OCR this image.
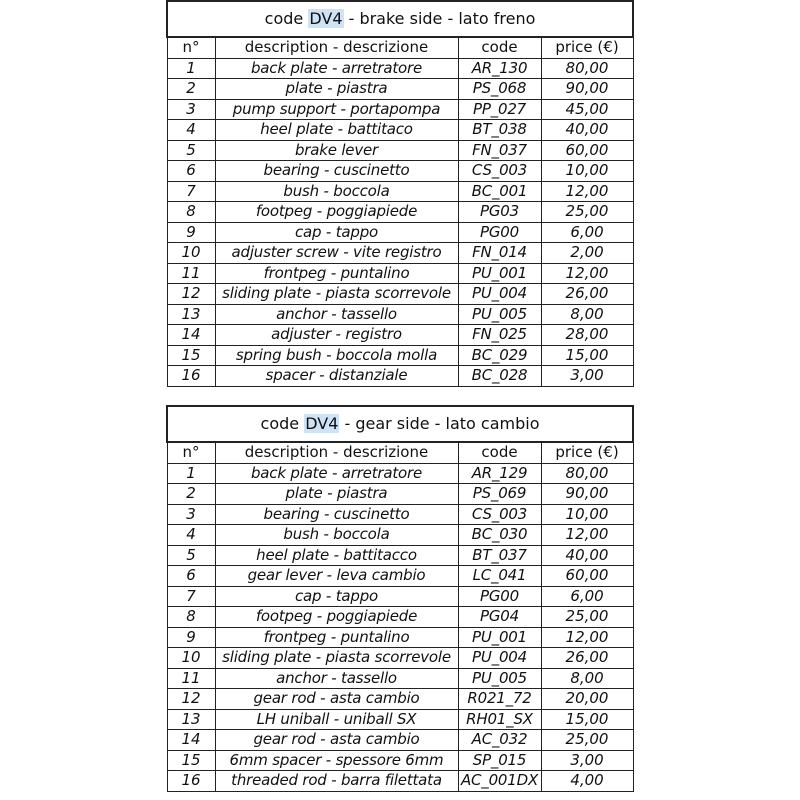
code DV4 - brake side - lato freno			
n°	description - descrizione	code	price (€)
1	back plate - arretratore	AR_130	80,00
2	plate - piastra	PS_068	90,00
3	pump support - portapompa	PP_027	45,00
4	heel plate - battitaco	BT_038	40,00
5	brake lever	FN_037	60,00
6	bearing - cuscinetto	CS_003	10,00
7	bush - boccola	BC_001	12,00
8	footpeg - poggiapiede	PG03	25,00
9	cap - tappo	PG00	6,00
10	adjuster screw - vite registro	FN_014	2,00
11	frontpeg - puntalino	PU_001	12,00
12	sliding plate - piasta scorrevole	PU_004	26,00
13	anchor - tassello	PU_005	8,00
14	adjuster - registro	FN_025	28,00
15	spring bush - boccola molla	BC_029	15,00
16	spacer - distanziale	BC_028	3,00
code DV4 - gear side - lato cambio			
n°	description - descrizione	code	price (€)
1	back plate - arretratore	AR_129	80,00
2	plate - piastra	PS_069	90,00
3	bearing - cuscinetto	CS_003	10,00
4	bush - boccola	BC_030	12,00
5	heel plate - battitacco	BT_037	40,00
6	gear lever - leva cambio	LC_041	60,00
7	cap - tappo	PG00	6,00
8	footpeg - poggiapiede	PG04	25,00
9	frontpeg - puntalino	PU_001	12,00
10	sliding plate - piasta scorrevole	PU_004	26,00
11	anchor - tassello	PU_005	8,00
12	gear rod - asta cambio	R021_72	20,00
13	LH uniball - uniball SX	RH01_SX	15,00
14	gear rod - asta cambio	AC_032	25,00
15	6mm spacer - spessore 6mm	SP_015	3,00
16	threaded rod - barra filettata	AC_001DX	4,00
